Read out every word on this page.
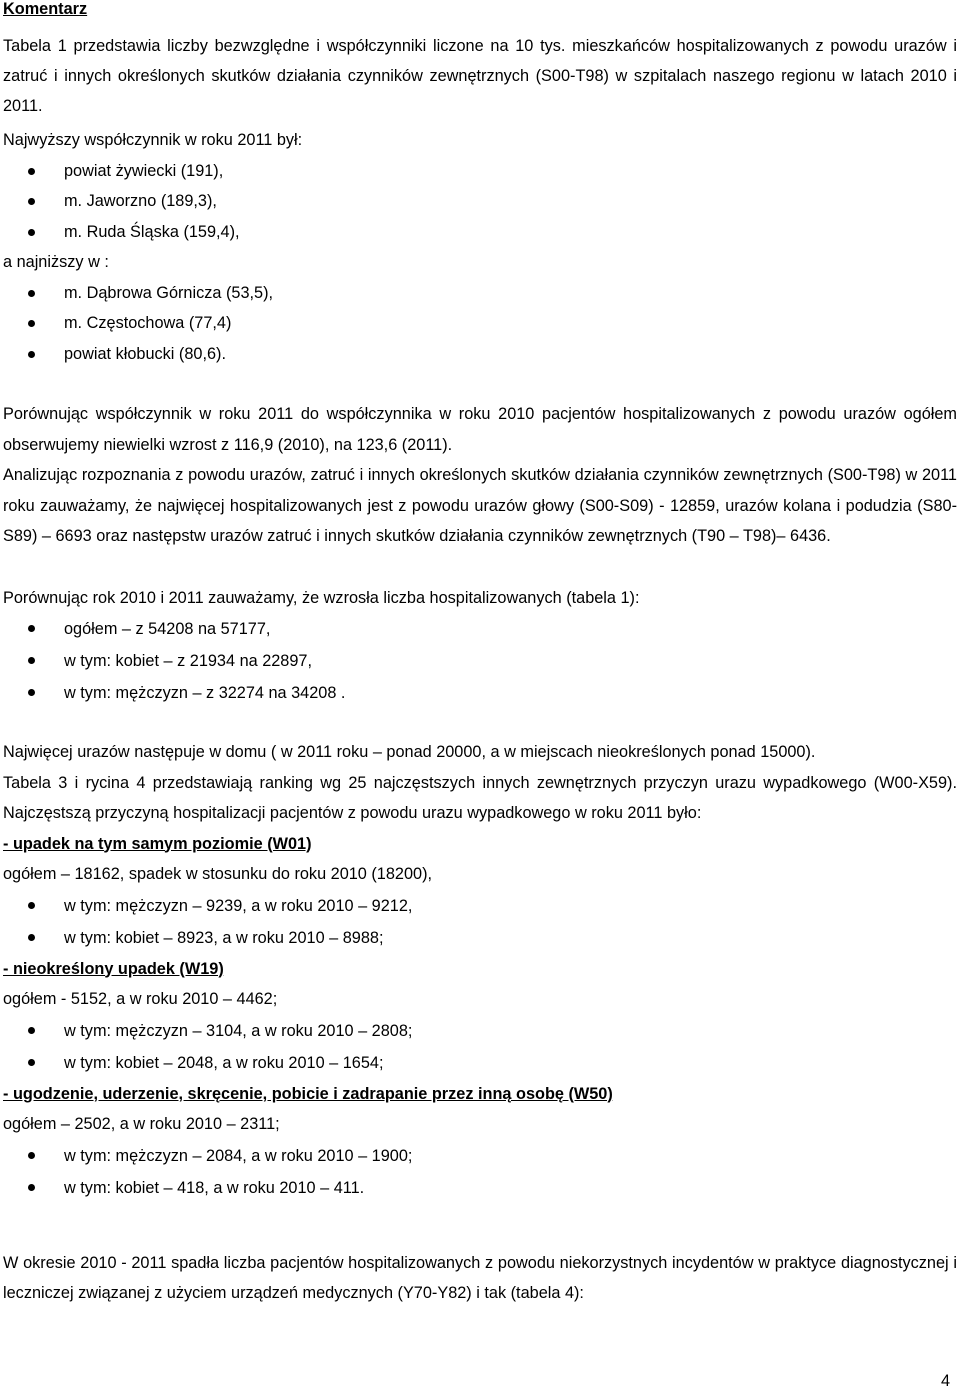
Komentarz

Tabela 1 przedstawia liczby bezwzględne i współczynniki liczone na 10 tys. mieszkańców hospitalizowanych z powodu urazów i zatruć i innych określonych skutków działania czynników zewnętrznych (S00-T98) w szpitalach naszego regionu w latach 2010 i 2011.

Najwyższy współczynnik w roku 2011 był:

powiat żywiecki (191),
m. Jaworzno (189,3),
m. Ruda Śląska (159,4),

a najniższy w :

m. Dąbrowa Górnicza (53,5),
m. Częstochowa (77,4)
powiat kłobucki (80,6).

Porównując współczynnik w roku 2011 do współczynnika w roku 2010 pacjentów hospitalizowanych z powodu urazów ogółem obserwujemy niewielki wzrost z 116,9 (2010), na 123,6 (2011).

Analizując rozpoznania z powodu urazów, zatruć i innych określonych skutków działania czynników zewnętrznych (S00-T98) w 2011 roku zauważamy, że najwięcej hospitalizowanych jest z powodu urazów głowy (S00-S09) - 12859, urazów kolana i podudzia (S80-S89) – 6693 oraz następstw urazów zatruć i innych skutków działania czynników zewnętrznych (T90 – T98)– 6436.

Porównując rok 2010 i 2011 zauważamy, że wzrosła liczba hospitalizowanych (tabela 1):

ogółem – z 54208 na 57177,
w tym: kobiet – z 21934 na 22897,
w tym: mężczyzn – z 32274 na 34208 .

Najwięcej urazów następuje w domu ( w 2011 roku – ponad 20000, a w miejscach nieokreślonych ponad 15000).

Tabela 3 i rycina 4 przedstawiają ranking wg 25 najczęstszych innych zewnętrznych przyczyn urazu wypadkowego (W00-X59). Najczęstszą przyczyną hospitalizacji pacjentów z powodu urazu wypadkowego w roku 2011 było:

- upadek na tym samym poziomie (W01)

ogółem – 18162, spadek w stosunku do roku 2010 (18200),

w tym: mężczyzn – 9239, a w roku 2010 – 9212,
w tym: kobiet – 8923, a w roku 2010 – 8988;

- nieokreślony upadek (W19)

ogółem - 5152, a w roku 2010 – 4462;

w tym: mężczyzn – 3104, a w roku 2010 – 2808;
w tym: kobiet – 2048, a w roku 2010 – 1654;

- ugodzenie, uderzenie, skręcenie, pobicie i zadrapanie przez inną osobę (W50)

ogółem – 2502, a w roku 2010 – 2311;

w tym: mężczyzn – 2084, a w roku 2010 – 1900;
w tym: kobiet – 418, a w roku 2010 – 411.

W okresie 2010 - 2011 spadła liczba pacjentów hospitalizowanych z powodu niekorzystnych incydentów w praktyce diagnostycznej i leczniczej związanej z użyciem urządzeń medycznych (Y70-Y82) i tak (tabela 4):

4
